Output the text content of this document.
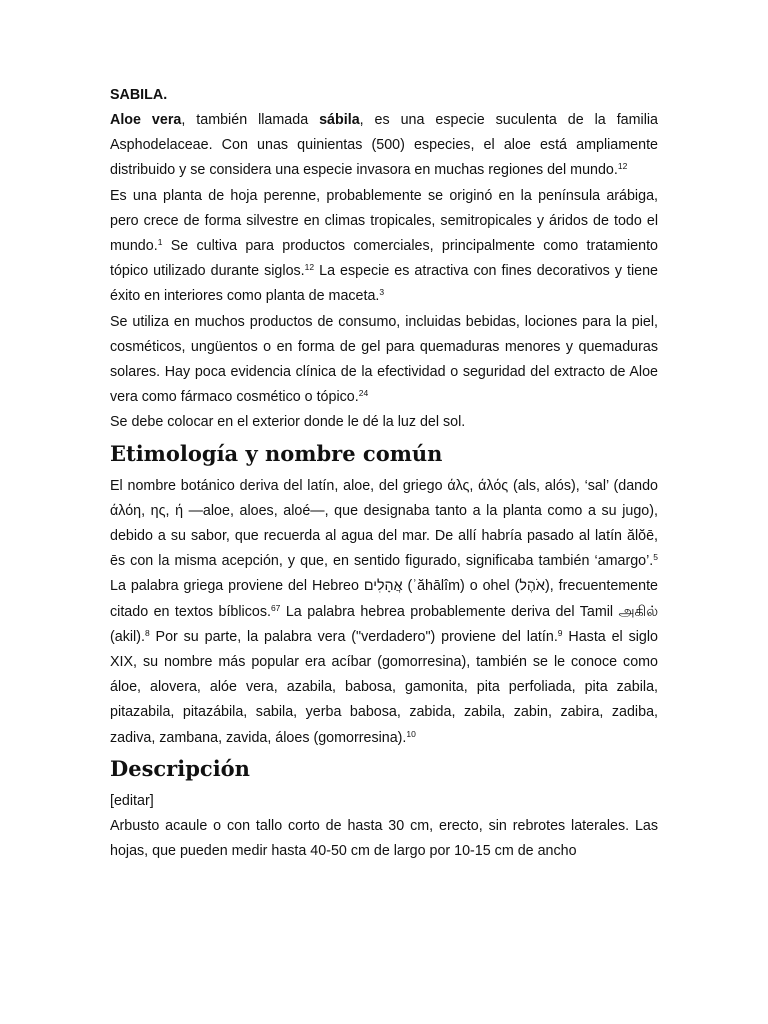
SABILA.

Aloe vera, también llamada sábila, es una especie suculenta de la familia Asphodelaceae. Con unas quinientas (500) especies, el aloe está ampliamente distribuido y se considera una especie invasora en muchas regiones del mundo.$^{12}$

Es una planta de hoja perenne, probablemente se originó en la península arábiga, pero crece de forma silvestre en climas tropicales, semitropicales y áridos de todo el mundo.$^1$ Se cultiva para productos comerciales, principalmente como tratamiento tópico utilizado durante siglos.$^{12}$ La especie es atractiva con fines decorativos y tiene éxito en interiores como planta de maceta.$^3$

Se utiliza en muchos productos de consumo, incluidas bebidas, lociones para la piel, cosméticos, ungüentos o en forma de gel para quemaduras menores y quemaduras solares. Hay poca evidencia clínica de la efectividad o seguridad del extracto de Aloe vera como fármaco cosmético o tópico.$^{24}$

Se debe colocar en el exterior donde le dé la luz del sol.

Etimología y nombre común

El nombre botánico deriva del latín, aloe, del griego άλς, άλός (als, alós), ‘sal’ (dando άλόη, ης, ή —aloe, aloes, aloé—, que designaba tanto a la planta como a su jugo), debido a su sabor, que recuerda al agua del mar. De allí habría pasado al latín ălŏē, ēs con la misma acepción, y que, en sentido figurado, significaba también ‘amargo’.$^5$ La palabra griega proviene del Hebreo אֲהָלִים (ʾăhālîm) o ohel (אֹהֶל), frecuentemente citado en textos bíblicos.$^{67}$ La palabra hebrea probablemente deriva del Tamil அகில் (akil).$^8$ Por su parte, la palabra vera ("verdadero") proviene del latín.$^9$ Hasta el siglo XIX, su nombre más popular era acíbar (gomorresina), también se le conoce como áloe, alovera, alóe vera, azabila, babosa, gamonita, pita perfoliada, pita zabila, pitazabila, pitazábila, sabila, yerba babosa, zabida, zabila, zabin, zabira, zadiba, zadiva, zambana, zavida, áloes (gomorresina).$^{10}$

Descripción

[editar]

Arbusto acaule o con tallo corto de hasta 30 cm, erecto, sin rebrotes laterales. Las hojas, que pueden medir hasta 40-50 cm de largo por 10-15 cm de ancho
